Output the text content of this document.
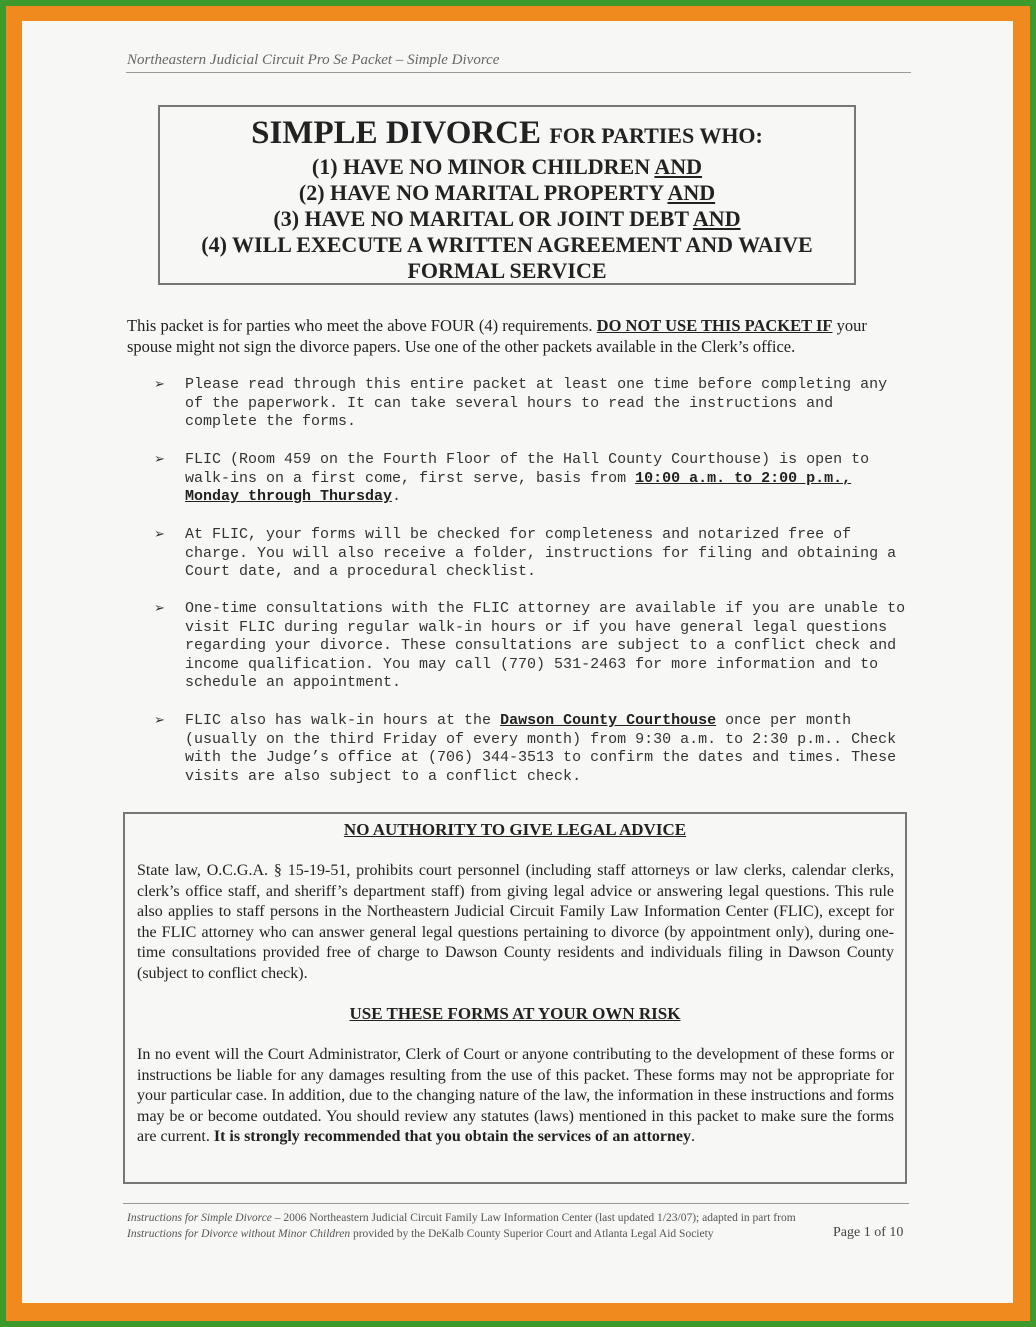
Northeastern Judicial Circuit Pro Se Packet – Simple Divorce
SIMPLE DIVORCE FOR PARTIES WHO:
(1) HAVE NO MINOR CHILDREN AND
(2) HAVE NO MARITAL PROPERTY AND
(3) HAVE NO MARITAL OR JOINT DEBT AND
(4) WILL EXECUTE A WRITTEN AGREEMENT AND WAIVE
FORMAL SERVICE
This packet is for parties who meet the above FOUR (4) requirements. DO NOT USE THIS PACKET IF your spouse might not sign the divorce papers. Use one of the other packets available in the Clerk’s office.
➢ Please read through this entire packet at least one time before completing any of the paperwork. It can take several hours to read the instructions and complete the forms.
➢ FLIC (Room 459 on the Fourth Floor of the Hall County Courthouse) is open to walk-ins on a first come, first serve, basis from 10:00 a.m. to 2:00 p.m., Monday through Thursday.
➢ At FLIC, your forms will be checked for completeness and notarized free of charge. You will also receive a folder, instructions for filing and obtaining a Court date, and a procedural checklist.
➢ One-time consultations with the FLIC attorney are available if you are unable to visit FLIC during regular walk-in hours or if you have general legal questions regarding your divorce. These consultations are subject to a conflict check and income qualification. You may call (770) 531-2463 for more information and to schedule an appointment.
➢ FLIC also has walk-in hours at the Dawson County Courthouse once per month (usually on the third Friday of every month) from 9:30 a.m. to 2:30 p.m.. Check with the Judge’s office at (706) 344-3513 to confirm the dates and times. These visits are also subject to a conflict check.
NO AUTHORITY TO GIVE LEGAL ADVICE
State law, O.C.G.A. § 15-19-51, prohibits court personnel (including staff attorneys or law clerks, calendar clerks, clerk’s office staff, and sheriff’s department staff) from giving legal advice or answering legal questions. This rule also applies to staff persons in the Northeastern Judicial Circuit Family Law Information Center (FLIC), except for the FLIC attorney who can answer general legal questions pertaining to divorce (by appointment only), during one-time consultations provided free of charge to Dawson County residents and individuals filing in Dawson County (subject to conflict check).
USE THESE FORMS AT YOUR OWN RISK
In no event will the Court Administrator, Clerk of Court or anyone contributing to the development of these forms or instructions be liable for any damages resulting from the use of this packet. These forms may not be appropriate for your particular case. In addition, due to the changing nature of the law, the information in these instructions and forms may be or become outdated. You should review any statutes (laws) mentioned in this packet to make sure the forms are current. It is strongly recommended that you obtain the services of an attorney.
Instructions for Simple Divorce – 2006 Northeastern Judicial Circuit Family Law Information Center (last updated 1/23/07); adapted in part from
Instructions for Divorce without Minor Children provided by the DeKalb County Superior Court and Atlanta Legal Aid Society	Page 1 of 10
